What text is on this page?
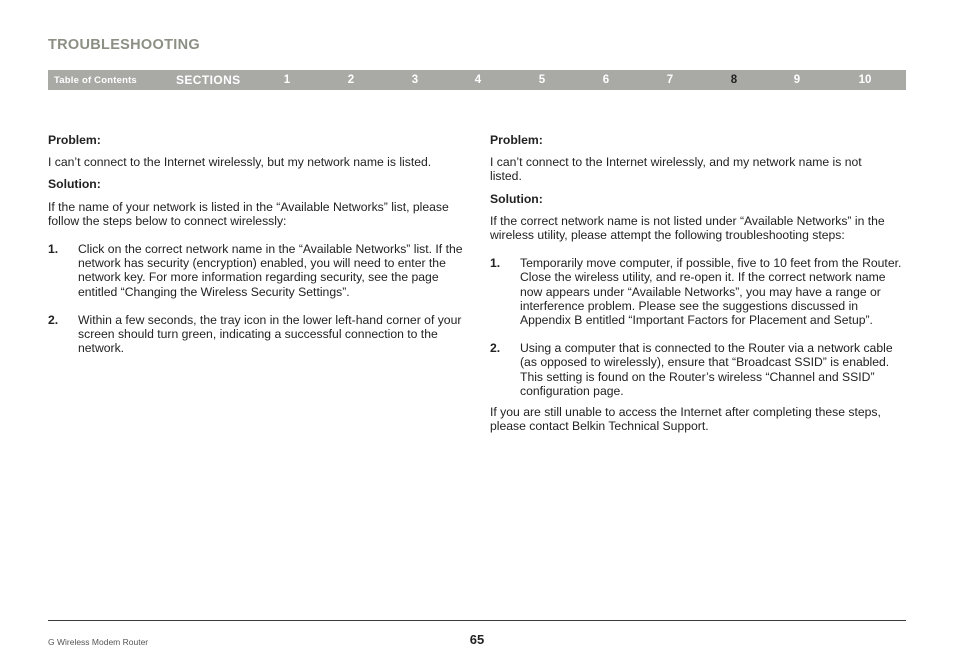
TROUBLESHOOTING
Table of Contents	SECTIONS	1	2	3	4	5	6	7	8	9	10

Problem:

I can’t connect to the Internet wirelessly, but my network name is listed.

Solution:

If the name of your network is listed in the “Available Networks” list, please follow the steps below to connect wirelessly:

1. Click on the correct network name in the “Available Networks” list. If the network has security (encryption) enabled, you will need to enter the network key. For more information regarding security, see the page entitled “Changing the Wireless Security Settings”.
2. Within a few seconds, the tray icon in the lower left-hand corner of your screen should turn green, indicating a successful connection to the network.

Problem:

I can’t connect to the Internet wirelessly, and my network name is not listed.

Solution:

If the correct network name is not listed under “Available Networks” in the wireless utility, please attempt the following troubleshooting steps:

1. Temporarily move computer, if possible, five to 10 feet from the Router. Close the wireless utility, and re-open it. If the correct network name now appears under “Available Networks”, you may have a range or interference problem. Please see the suggestions discussed in Appendix B entitled “Important Factors for Placement and Setup”.
2. Using a computer that is connected to the Router via a network cable (as opposed to wirelessly), ensure that “Broadcast SSID” is enabled. This setting is found on the Router’s wireless “Channel and SSID” configuration page.

If you are still unable to access the Internet after completing these steps, please contact Belkin Technical Support.

G Wireless Modem Router	65
